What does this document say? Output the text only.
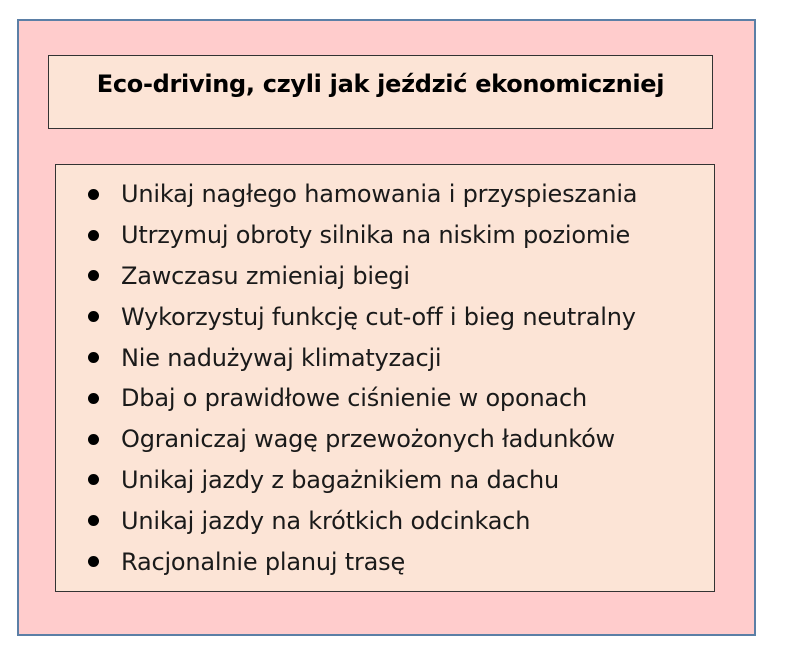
Eco-driving, czyli jak jeździć ekonomiczniej
Unikaj nagłego hamowania i przyspieszania
Utrzymuj obroty silnika na niskim poziomie
Zawczasu zmieniaj biegi
Wykorzystuj funkcję cut-off i bieg neutralny
Nie nadużywaj klimatyzacji
Dbaj o prawidłowe ciśnienie w oponach
Ograniczaj wagę przewożonych ładunków
Unikaj jazdy z bagażnikiem na dachu
Unikaj jazdy na krótkich odcinkach
Racjonalnie planuj trasę
